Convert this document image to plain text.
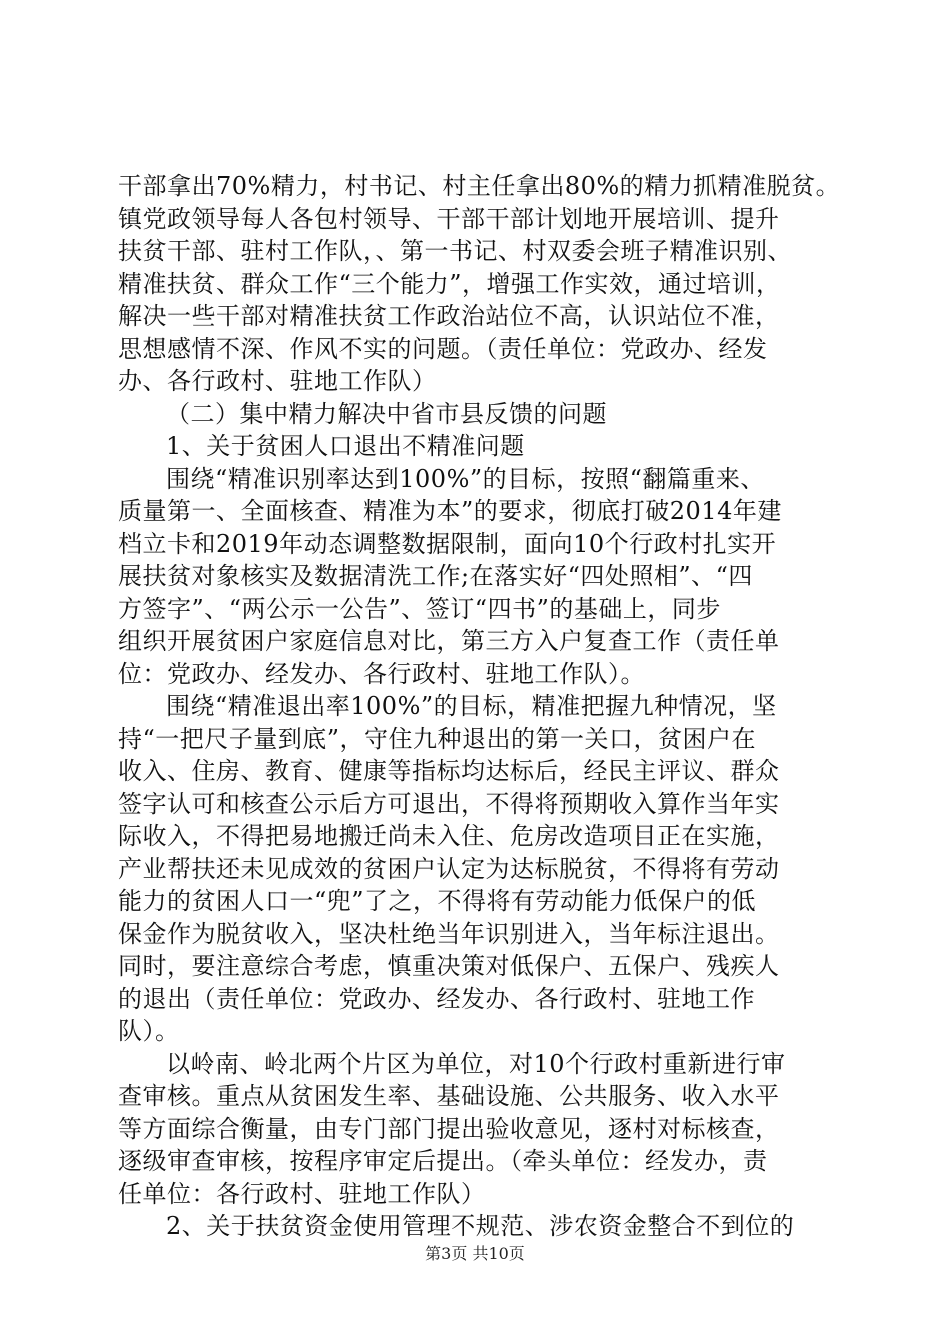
干部拿出70%精力，村书记、村主任拿出80%的精力抓精准脱贫。
镇党政领导每人各包村领导、干部干部计划地开展培训、提升
扶贫干部、驻村工作队，、第一书记、村双委会班子精准识别、
精准扶贫、群众工作“三个能力”，增强工作实效，通过培训，
解决一些干部对精准扶贫工作政治站位不高，认识站位不准，
思想感情不深、作风不实的问题。（责任单位：党政办、经发
办、各行政村、驻地工作队）
（二）集中精力解决中省市县反馈的问题
1、关于贫困人口退出不精准问题
围绕“精准识别率达到100%”的目标，按照“翻篇重来、
质量第一、全面核查、精准为本”的要求，彻底打破2014年建
档立卡和2019年动态调整数据限制，面向10个行政村扎实开
展扶贫对象核实及数据清洗工作;在落实好“四处照相”、“四
方签字”、“两公示一公告”、签订“四书”的基础上，同步
组织开展贫困户家庭信息对比，第三方入户复查工作（责任单
位：党政办、经发办、各行政村、驻地工作队）。
围绕“精准退出率100%”的目标，精准把握九种情况，坚
持“一把尺子量到底”，守住九种退出的第一关口，贫困户在
收入、住房、教育、健康等指标均达标后，经民主评议、群众
签字认可和核查公示后方可退出，不得将预期收入算作当年实
际收入，不得把易地搬迁尚未入住、危房改造项目正在实施，
产业帮扶还未见成效的贫困户认定为达标脱贫，不得将有劳动
能力的贫困人口一“兜”了之，不得将有劳动能力低保户的低
保金作为脱贫收入，坚决杜绝当年识别进入，当年标注退出。
同时，要注意综合考虑，慎重决策对低保户、五保户、残疾人
的退出（责任单位：党政办、经发办、各行政村、驻地工作
队）。
以岭南、岭北两个片区为单位，对10个行政村重新进行审
查审核。重点从贫困发生率、基础设施、公共服务、收入水平
等方面综合衡量，由专门部门提出验收意见，逐村对标核查，
逐级审查审核，按程序审定后提出。（牵头单位：经发办，责
任单位：各行政村、驻地工作队）
2、关于扶贫资金使用管理不规范、涉农资金整合不到位的
第3页 共10页
